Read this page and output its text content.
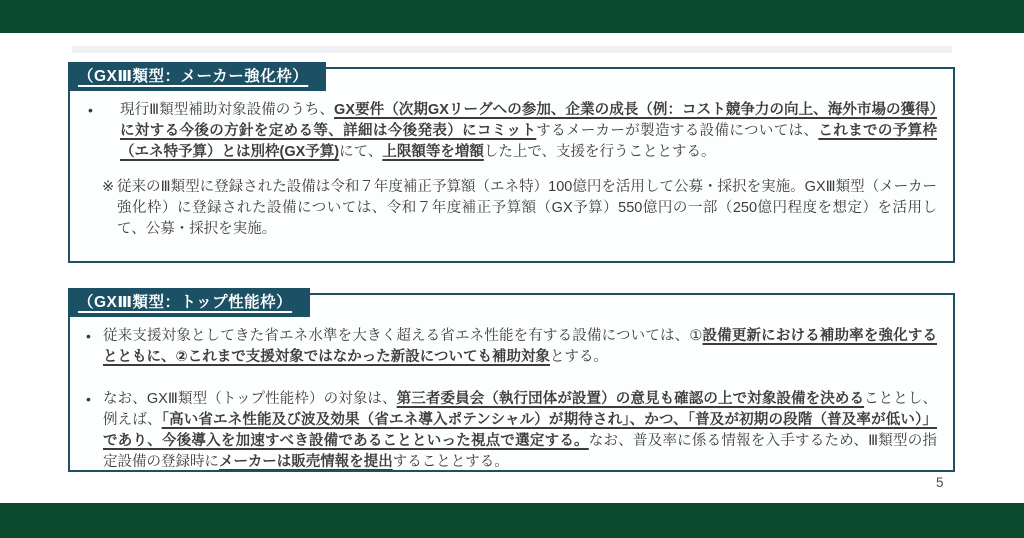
（GXⅢ類型：メーカー強化枠）
•	現行Ⅲ類型補助対象設備のうち、GX要件（次期GXリーグへの参加、企業の成長（例：コスト競争力の向上、海外市場の獲得）に対する今後の方針を定める等、詳細は今後発表）にコミットするメーカーが製造する設備については、これまでの予算枠（エネ特予算）とは別枠(GX予算)にて、上限額等を増額した上で、支援を行うこととする。

※ 従来のⅢ類型に登録された設備は令和７年度補正予算額（エネ特）100億円を活用して公募・採択を実施。GXⅢ類型（メーカー強化枠）に登録された設備については、令和７年度補正予算額（GX予算）550億円の一部（250億円程度を想定）を活用して、公募・採択を実施。

（GXⅢ類型：トップ性能枠）
• 従来支援対象としてきた省エネ水準を大きく超える省エネ性能を有する設備については、①設備更新における補助率を強化するとともに、②これまで支援対象ではなかった新設についても補助対象とする。

• なお、GXⅢ類型（トップ性能枠）の対象は、第三者委員会（執行団体が設置）の意見も確認の上で対象設備を決めることとし、例えば、「高い省エネ性能及び波及効果（省エネ導入ポテンシャル）が期待され」、かつ、「普及が初期の段階（普及率が低い）」であり、今後導入を加速すべき設備であることといった視点で選定する。なお、普及率に係る情報を入手するため、Ⅲ類型の指定設備の登録時にメーカーは販売情報を提出することとする。

5
